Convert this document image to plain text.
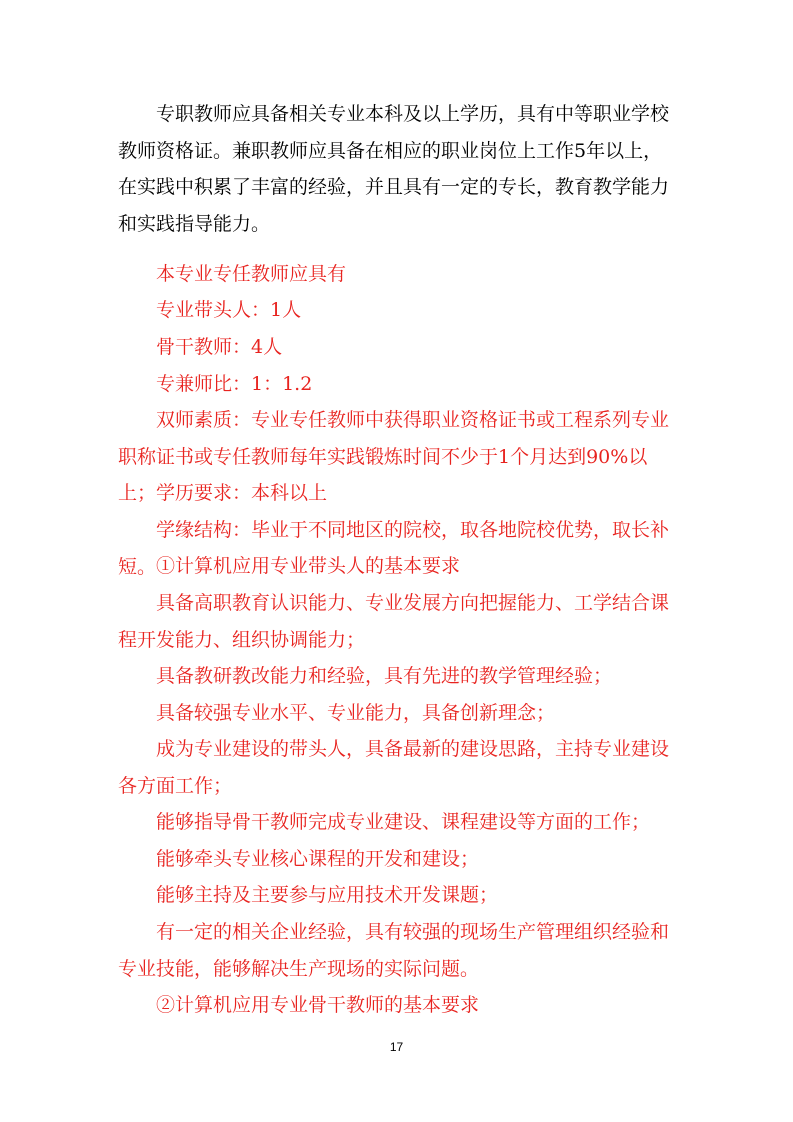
专职教师应具备相关专业本科及以上学历，具有中等职业学校教师资格证。兼职教师应具备在相应的职业岗位上工作5年以上，在实践中积累了丰富的经验，并且具有一定的专长，教育教学能力和实践指导能力。

本专业专任教师应具有

专业带头人：1人

骨干教师：4人

专兼师比：1：1.2

双师素质：专业专任教师中获得职业资格证书或工程系列专业职称证书或专任教师每年实践锻炼时间不少于1个月达到90%以上； 学历要求：本科以上

学缘结构：毕业于不同地区的院校，取各地院校优势，取长补短。 ①计算机应用专业带头人的基本要求

具备高职教育认识能力、专业发展方向把握能力、工学结合课程开发能力、组织协调能力；

具备教研教改能力和经验，具有先进的教学管理经验；

具备较强专业水平、专业能力，具备创新理念；

成为专业建设的带头人，具备最新的建设思路，主持专业建设各方面工作；

能够指导骨干教师完成专业建设、课程建设等方面的工作；

能够牵头专业核心课程的开发和建设；

能够主持及主要参与应用技术开发课题；

有一定的相关企业经验，具有较强的现场生产管理组织经验和专业技能，能够解决生产现场的实际问题。

②计算机应用专业骨干教师的基本要求

17
